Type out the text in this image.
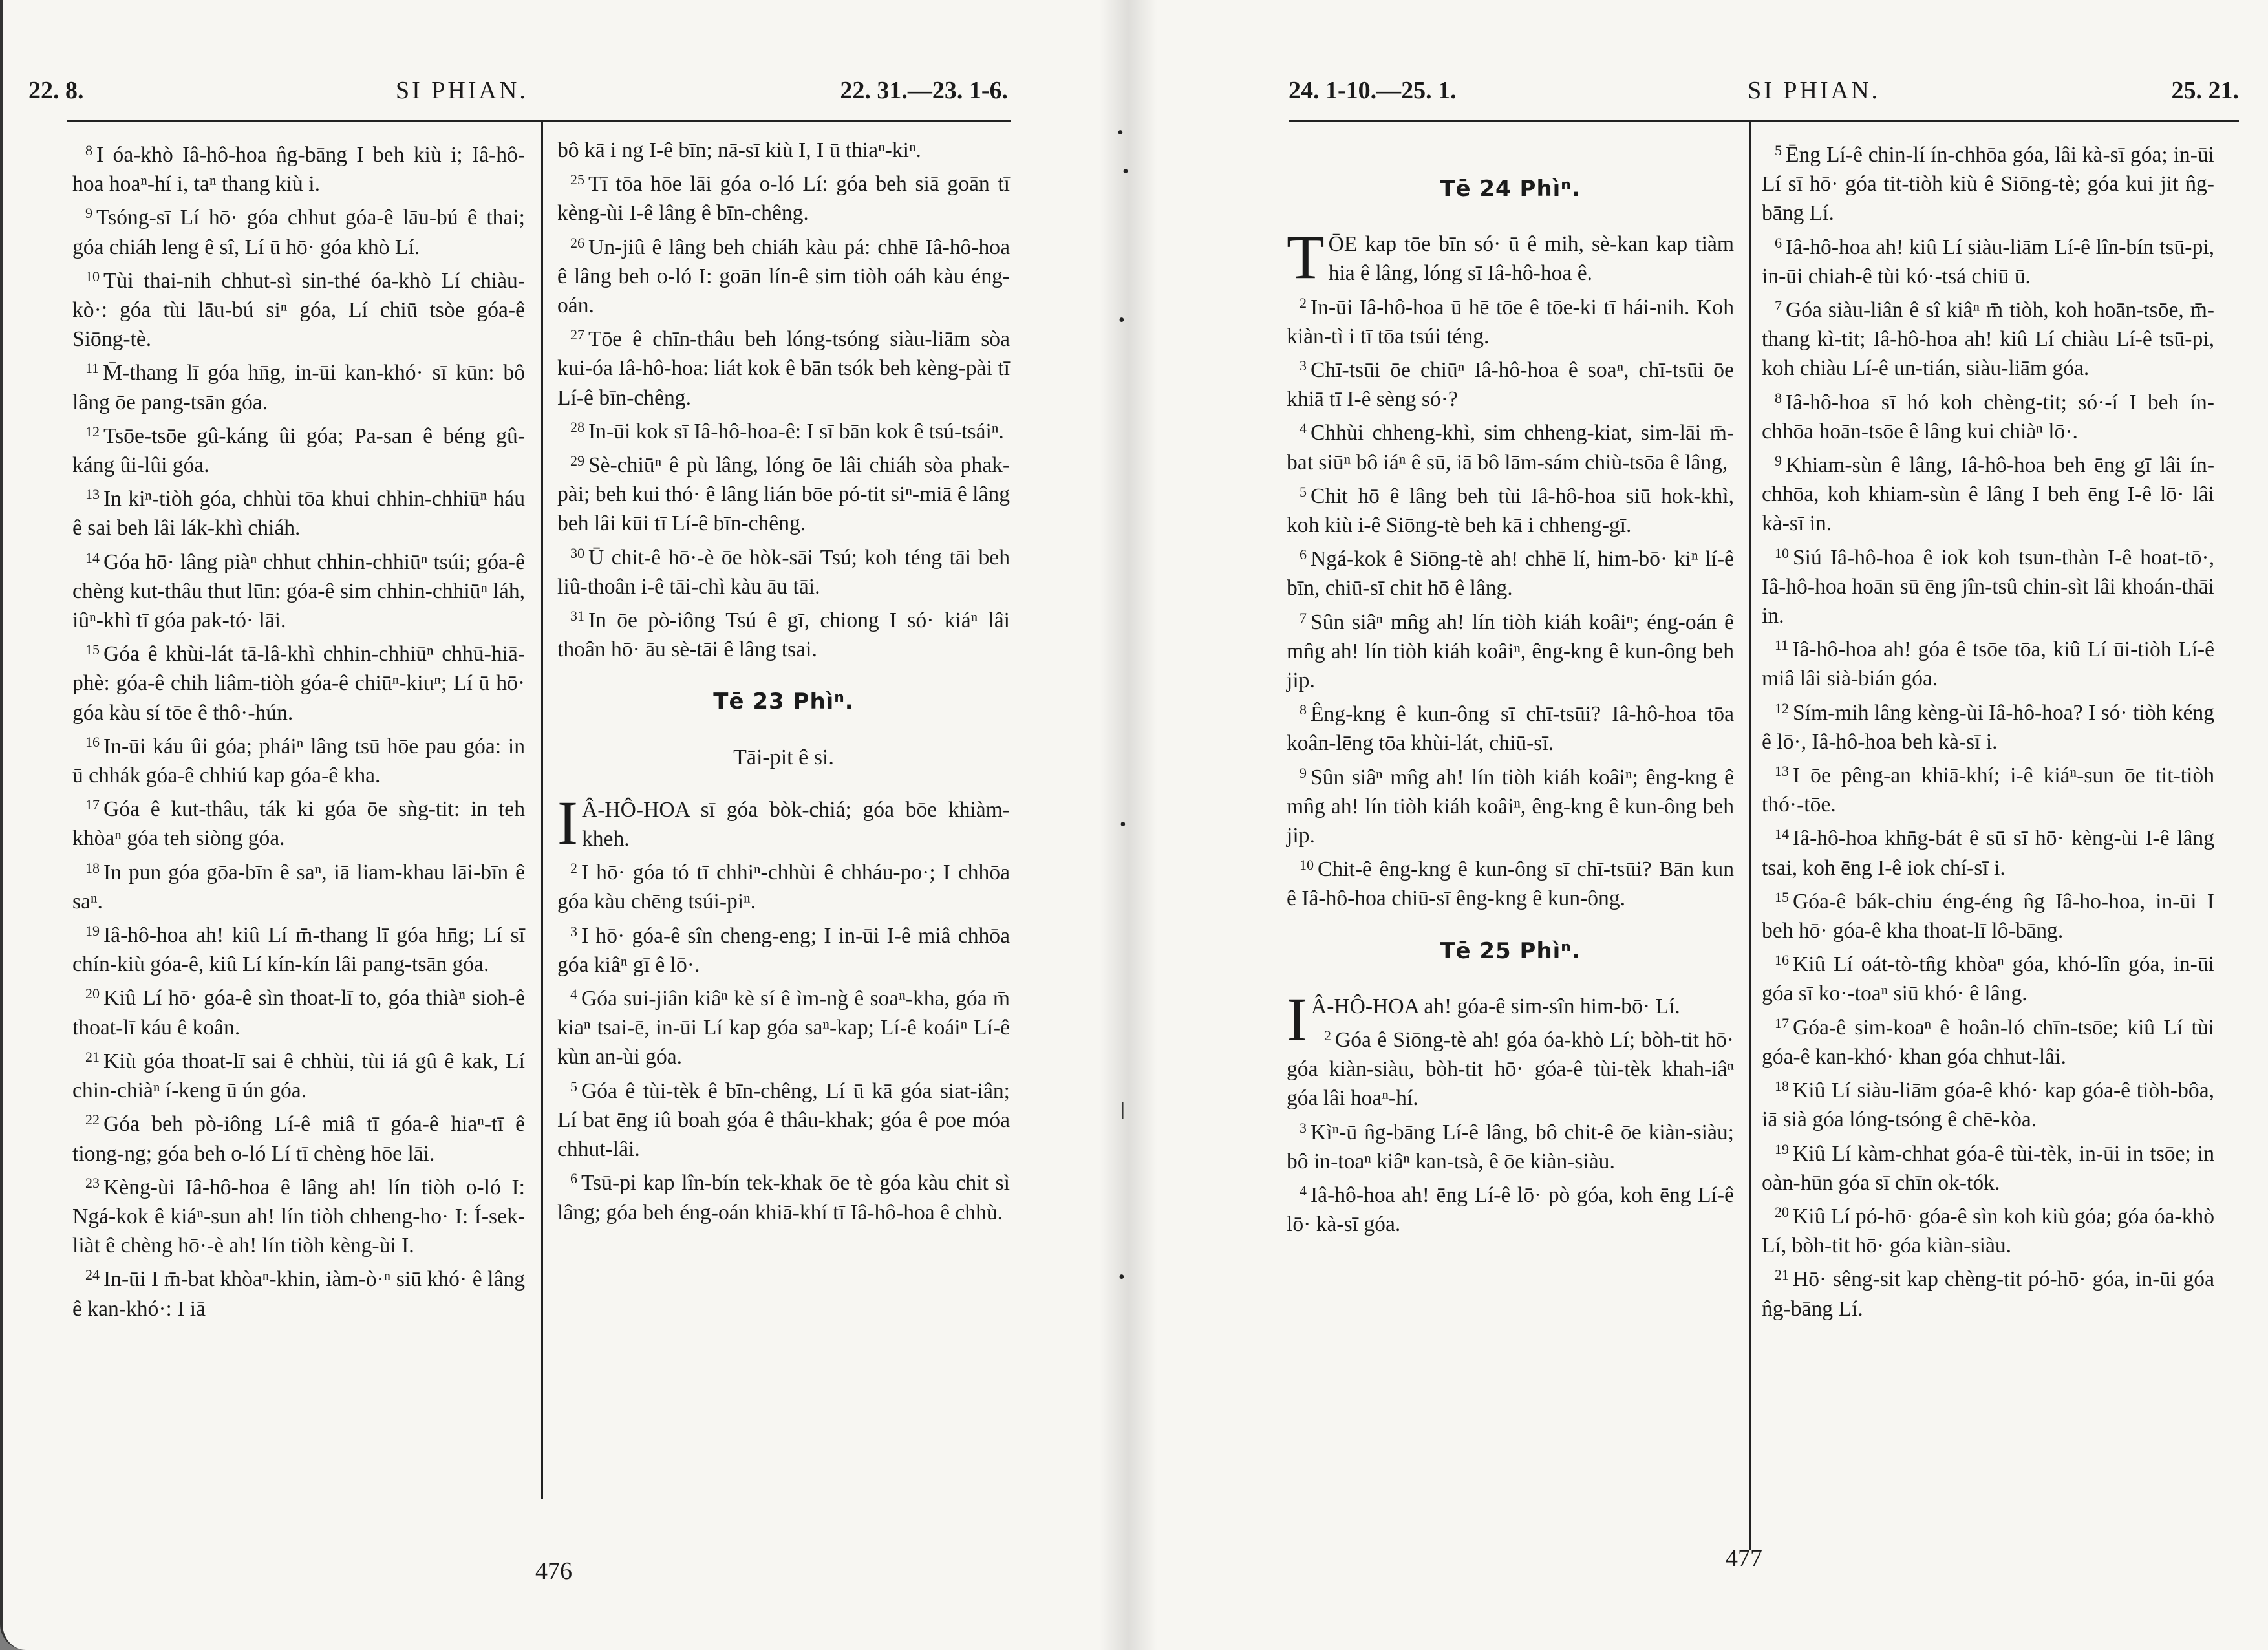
22. 8.	SI PHIAN.	22. 31.—23. 1-6.

$^8$ I óa-khò Iâ-hô-hoa n̂g-bāng I beh kiù i; Iâ-hô-hoa hoaⁿ-hí i, taⁿ thang kiù i.

$^9$ Tsóng-sī Lí hō· góa chhut góa-ê lāu-bú ê thai; góa chiáh leng ê sî, Lí ū hō· góa khò Lí.

$^{10}$ Tùi thai-nih chhut-sì sin-thé óa-khò Lí chiàu-kò·: góa tùi lāu-bú siⁿ góa, Lí chiū tsòe góa-ê Siōng-tè.

$^{11}$ M̄-thang lī góa hn̄g, in-ūi kan-khó· sī kūn: bô lâng ōe pang-tsān góa.

$^{12}$ Tsōe-tsōe gû-káng ûi góa; Pa-san ê béng gû-káng ûi-lûi góa.

$^{13}$ In kiⁿ-tiòh góa, chhùi tōa khui chhin-chhiūⁿ háu ê sai beh lâi lák-khì chiáh.

$^{14}$ Góa hō· lâng piàⁿ chhut chhin-chhiūⁿ tsúi; góa-ê chèng kut-thâu thut lūn: góa-ê sim chhin-chhiūⁿ láh, iûⁿ-khì tī góa pak-tó· lāi.

$^{15}$ Góa ê khùi-lát tā-lâ-khì chhin-chhiūⁿ chhū-hiā-phè: góa-ê chih liâm-tiòh góa-ê chiūⁿ-kiuⁿ; Lí ū hō· góa kàu sí tōe ê thô·-hún.

$^{16}$ In-ūi káu ûi góa; pháiⁿ lâng tsū hōe pau góa: in ū chhák góa-ê chhiú kap góa-ê kha.

$^{17}$ Góa ê kut-thâu, ták ki góa ōe sǹg-tit: in teh khòaⁿ góa teh siòng góa.

$^{18}$ In pun góa gōa-bīn ê saⁿ, iā liam-khau lāi-bīn ê saⁿ.

$^{19}$ Iâ-hô-hoa ah! kiû Lí m̄-thang lī góa hn̄g; Lí sī chín-kiù góa-ê, kiû Lí kín-kín lâi pang-tsān góa.

$^{20}$ Kiû Lí hō· góa-ê sìn thoat-lī to, góa thiàⁿ sioh-ê thoat-lī káu ê koân.

$^{21}$ Kiù góa thoat-lī sai ê chhùi, tùi iá gû ê kak, Lí chin-chiàⁿ í-keng ū ún góa.

$^{22}$ Góa beh pò-iông Lí-ê miâ tī góa-ê hiaⁿ-tī ê tiong-ng; góa beh o-ló Lí tī chèng hōe lāi.

$^{23}$ Kèng-ùi Iâ-hô-hoa ê lâng ah! lín tiòh o-ló I: Ngá-kok ê kiáⁿ-sun ah! lín tiòh chheng-ho· I: Í-sek-liàt ê chèng hō·-è ah! lín tiòh kèng-ùi I.

$^{24}$ In-ūi I m̄-bat khòaⁿ-khin, iàm-ò·ⁿ siū khó· ê lâng ê kan-khó·: I iā

bô kā i ng I-ê bīn; nā-sī kiù I, I ū thiaⁿ-kiⁿ.

$^{25}$ Tī tōa hōe lāi góa o-ló Lí: góa beh siā goān tī kèng-ùi I-ê lâng ê bīn-chêng.

$^{26}$ Un-jiû ê lâng beh chiáh kàu pá: chhē Iâ-hô-hoa ê lâng beh o-ló I: goān lín-ê sim tiòh oáh kàu éng-oán.

$^{27}$ Tōe ê chīn-thâu beh lóng-tsóng siàu-liām sòa kui-óa Iâ-hô-hoa: liát kok ê bān tsók beh kèng-pài tī Lí-ê bīn-chêng.

$^{28}$ In-ūi kok sī Iâ-hô-hoa-ê: I sī bān kok ê tsú-tsáiⁿ.

$^{29}$ Sè-chiūⁿ ê pù lâng, lóng ōe lâi chiáh sòa phak-pài; beh kui thó· ê lâng lián bōe pó-tit siⁿ-miā ê lâng beh lâi kūi tī Lí-ê bīn-chêng.

$^{30}$ Ū chit-ê hō·-è ōe hòk-sāi Tsú; koh téng tāi beh liû-thoân i-ê tāi-chì kàu āu tāi.

$^{31}$ In ōe pò-iông Tsú ê gī, chiong I só· kiáⁿ lâi thoân hō· āu sè-tāi ê lâng tsai.

Tē 23 Phìⁿ.
Tāi-pit ê si.

I Â-HÔ-HOA sī góa bòk-chiá; góa bōe khiàm-kheh.

$^2$ I hō· góa tó tī chhiⁿ-chhùi ê chháu-po·; I chhōa góa kàu chēng tsúi-piⁿ.

$^3$ I hō· góa-ê sîn cheng-eng; I in-ūi I-ê miâ chhōa góa kiâⁿ gī ê lō·.

$^4$ Góa sui-jiân kiâⁿ kè sí ê ìm-ng̀ ê soaⁿ-kha, góa m̄ kiaⁿ tsai-ē, in-ūi Lí kap góa saⁿ-kap; Lí-ê koáiⁿ Lí-ê kùn an-ùi góa.

$^5$ Góa ê tùi-tèk ê bīn-chêng, Lí ū kā góa siat-iân; Lí bat ēng iû boah góa ê thâu-khak; góa ê poe móa chhut-lâi.

$^6$ Tsū-pi kap lîn-bín tek-khak ōe tè góa kàu chit sì lâng; góa beh éng-oán khiā-khí tī Iâ-hô-hoa ê chhù.

476
24. 1-10.—25. 1.	SI PHIAN.	25. 21.
Tē 24 Phìⁿ.

TŌE kap tōe bīn só· ū ê mih, sè-kan kap tiàm hia ê lâng, lóng sī Iâ-hô-hoa ê.

$^2$ In-ūi Iâ-hô-hoa ū hē tōe ê tōe-ki tī hái-nih. Koh kiàn-tì i tī tōa tsúi téng.

$^3$ Chī-tsūi ōe chiūⁿ Iâ-hô-hoa ê soaⁿ, chī-tsūi ōe khiā tī I-ê sèng só·?

$^4$ Chhùi chheng-khì, sim chheng-kiat, sim-lāi m̄-bat siūⁿ bô iáⁿ ê sū, iā bô lām-sám chiù-tsōa ê lâng,

$^5$ Chit hō ê lâng beh tùi Iâ-hô-hoa siū hok-khì, koh kiù i-ê Siōng-tè beh kā i chheng-gī.

$^6$ Ngá-kok ê Siōng-tè ah! chhē lí, him-bō· kiⁿ lí-ê bīn, chiū-sī chit hō ê lâng.

$^7$ Sûn siâⁿ mn̂g ah! lín tiòh kiáh koâiⁿ; éng-oán ê mn̂g ah! lín tiòh kiáh koâiⁿ, êng-kng ê kun-ông beh jip.

$^8$ Êng-kng ê kun-ông sī chī-tsūi? Iâ-hô-hoa tōa koân-lēng tōa khùi-lát, chiū-sī.

$^9$ Sûn siâⁿ mn̂g ah! lín tiòh kiáh koâiⁿ; êng-kng ê mn̂g ah! lín tiòh kiáh koâiⁿ, êng-kng ê kun-ông beh jip.

$^{10}$ Chit-ê êng-kng ê kun-ông sī chī-tsūi? Bān kun ê Iâ-hô-hoa chiū-sī êng-kng ê kun-ông.

Tē 25 Phìⁿ.

I Â-HÔ-HOA ah! góa-ê sim-sîn him-bō· Lí.

$^2$ Góa ê Siōng-tè ah! góa óa-khò Lí; bòh-tit hō· góa kiàn-siàu, bòh-tit hō· góa-ê tùi-tèk khah-iâⁿ góa lâi hoaⁿ-hí.

$^3$ Kìⁿ-ū n̂g-bāng Lí-ê lâng, bô chit-ê ōe kiàn-siàu; bô in-toaⁿ kiâⁿ kan-tsà, ê ōe kiàn-siàu.

$^4$ Iâ-hô-hoa ah! ēng Lí-ê lō· pò góa, koh ēng Lí-ê lō· kà-sī góa.

$^5$ Ēng Lí-ê chin-lí ín-chhōa góa, lâi kà-sī góa; in-ūi Lí sī hō· góa tit-tiòh kiù ê Siōng-tè; góa kui jit n̂g-bāng Lí.

$^6$ Iâ-hô-hoa ah! kiû Lí siàu-liām Lí-ê lîn-bín tsū-pi, in-ūi chiah-ê tùi kó·-tsá chiū ū.

$^7$ Góa siàu-liân ê sî kiâⁿ m̄ tiòh, koh hoān-tsōe, m̄-thang kì-tit; Iâ-hô-hoa ah! kiû Lí chiàu Lí-ê tsū-pi, koh chiàu Lí-ê un-tián, siàu-liām góa.

$^8$ Iâ-hô-hoa sī hó koh chèng-tit; só·-í I beh ín-chhōa hoān-tsōe ê lâng kui chiàⁿ lō·.

$^9$ Khiam-sùn ê lâng, Iâ-hô-hoa beh ēng gī lâi ín-chhōa, koh khiam-sùn ê lâng I beh ēng I-ê lō· lâi kà-sī in.

$^{10}$ Siú Iâ-hô-hoa ê iok koh tsun-thàn I-ê hoat-tō·, Iâ-hô-hoa hoān sū ēng jîn-tsû chin-sìt lâi khoán-thāi in.

$^{11}$ Iâ-hô-hoa ah! góa ê tsōe tōa, kiû Lí ūi-tiòh Lí-ê miâ lâi sià-bián góa.

$^{12}$ Sím-mih lâng kèng-ùi Iâ-hô-hoa? I só· tiòh kéng ê lō·, Iâ-hô-hoa beh kà-sī i.

$^{13}$ I ōe pêng-an khiā-khí; i-ê kiáⁿ-sun ōe tit-tiòh thó·-tōe.

$^{14}$ Iâ-hô-hoa khn̄g-bát ê sū sī hō· kèng-ùi I-ê lâng tsai, koh ēng I-ê iok chí-sī i.

$^{15}$ Góa-ê bák-chiu éng-éng n̂g Iâ-ho-hoa, in-ūi I beh hō· góa-ê kha thoat-lī lô-bāng.

$^{16}$ Kiû Lí oát-tò-tn̂g khòaⁿ góa, khó-lîn góa, in-ūi góa sī ko·-toaⁿ siū khó· ê lâng.

$^{17}$ Góa-ê sim-koaⁿ ê hoân-ló chīn-tsōe; kiû Lí tùi góa-ê kan-khó· khan góa chhut-lâi.

$^{18}$ Kiû Lí siàu-liām góa-ê khó· kap góa-ê tiòh-bôa, iā sià góa lóng-tsóng ê chē-kòa.

$^{19}$ Kiû Lí kàm-chhat góa-ê tùi-tèk, in-ūi in tsōe; in oàn-hūn góa sī chīn ok-tók.

$^{20}$ Kiû Lí pó-hō· góa-ê sìn koh kiù góa; góa óa-khò Lí, bòh-tit hō· góa kiàn-siàu.

$^{21}$ Hō· sêng-sit kap chèng-tit pó-hō· góa, in-ūi góa n̂g-bāng Lí.

477
•
•
•
•
|
•
